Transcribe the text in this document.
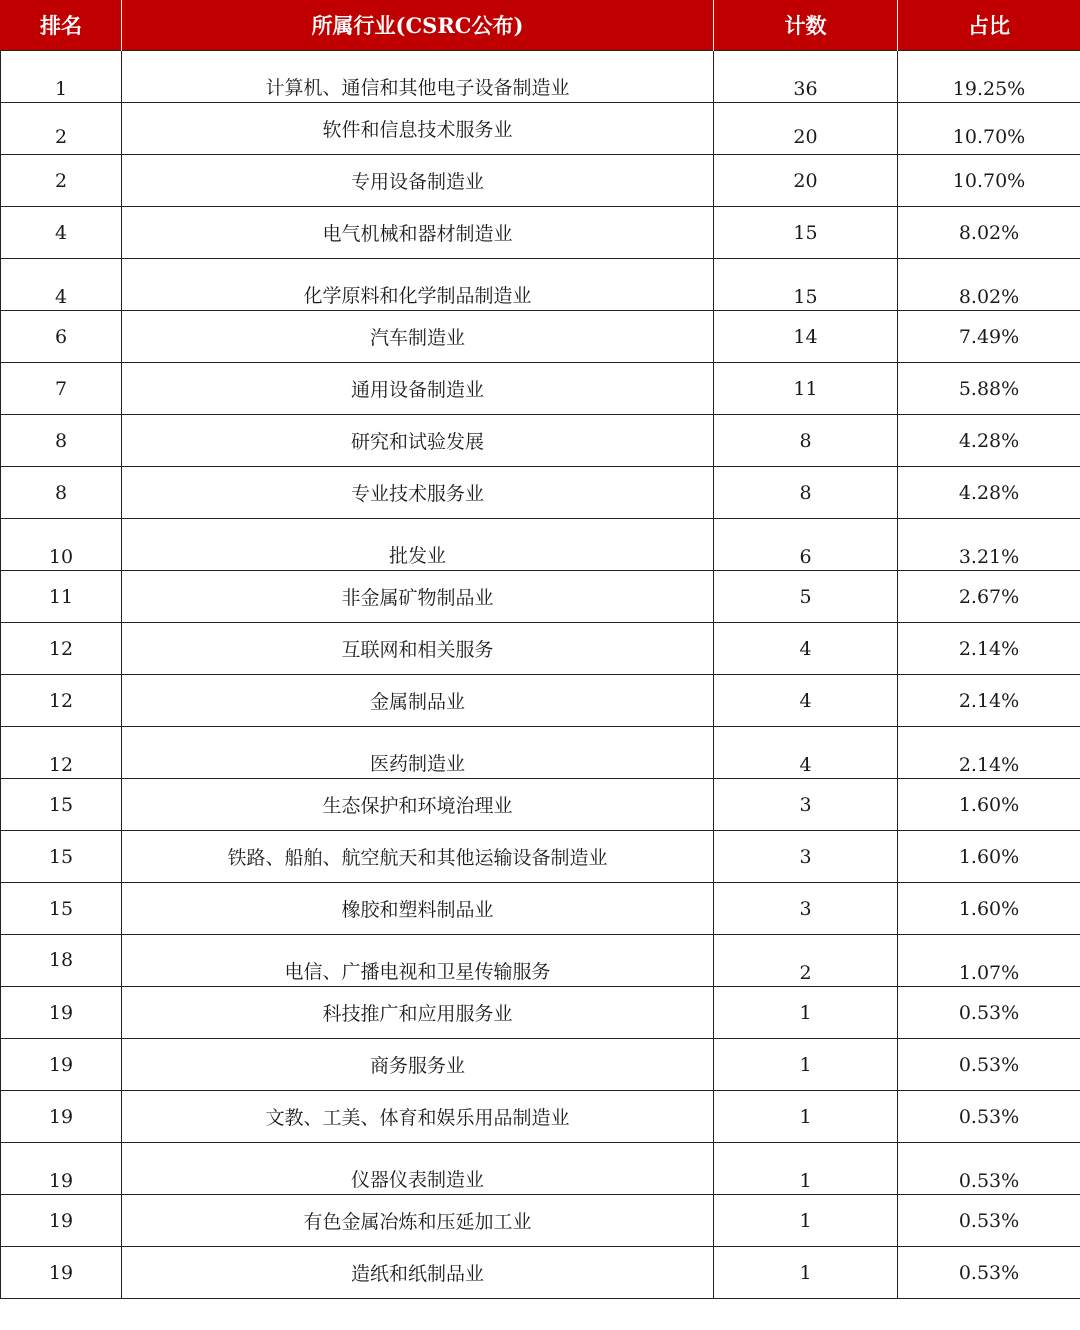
排名	所属行业(CSRC公布)	计数	占比
1	计算机、通信和其他电子设备制造业	36	19.25%
2	软件和信息技术服务业	20	10.70%
2	专用设备制造业	20	10.70%
4	电气机械和器材制造业	15	8.02%
4	化学原料和化学制品制造业	15	8.02%
6	汽车制造业	14	7.49%
7	通用设备制造业	11	5.88%
8	研究和试验发展	8	4.28%
8	专业技术服务业	8	4.28%
10	批发业	6	3.21%
11	非金属矿物制品业	5	2.67%
12	互联网和相关服务	4	2.14%
12	金属制品业	4	2.14%
12	医药制造业	4	2.14%
15	生态保护和环境治理业	3	1.60%
15	铁路、船舶、航空航天和其他运输设备制造业	3	1.60%
15	橡胶和塑料制品业	3	1.60%
18	电信、广播电视和卫星传输服务	2	1.07%
19	科技推广和应用服务业	1	0.53%
19	商务服务业	1	0.53%
19	文教、工美、体育和娱乐用品制造业	1	0.53%
19	仪器仪表制造业	1	0.53%
19	有色金属冶炼和压延加工业	1	0.53%
19	造纸和纸制品业	1	0.53%
